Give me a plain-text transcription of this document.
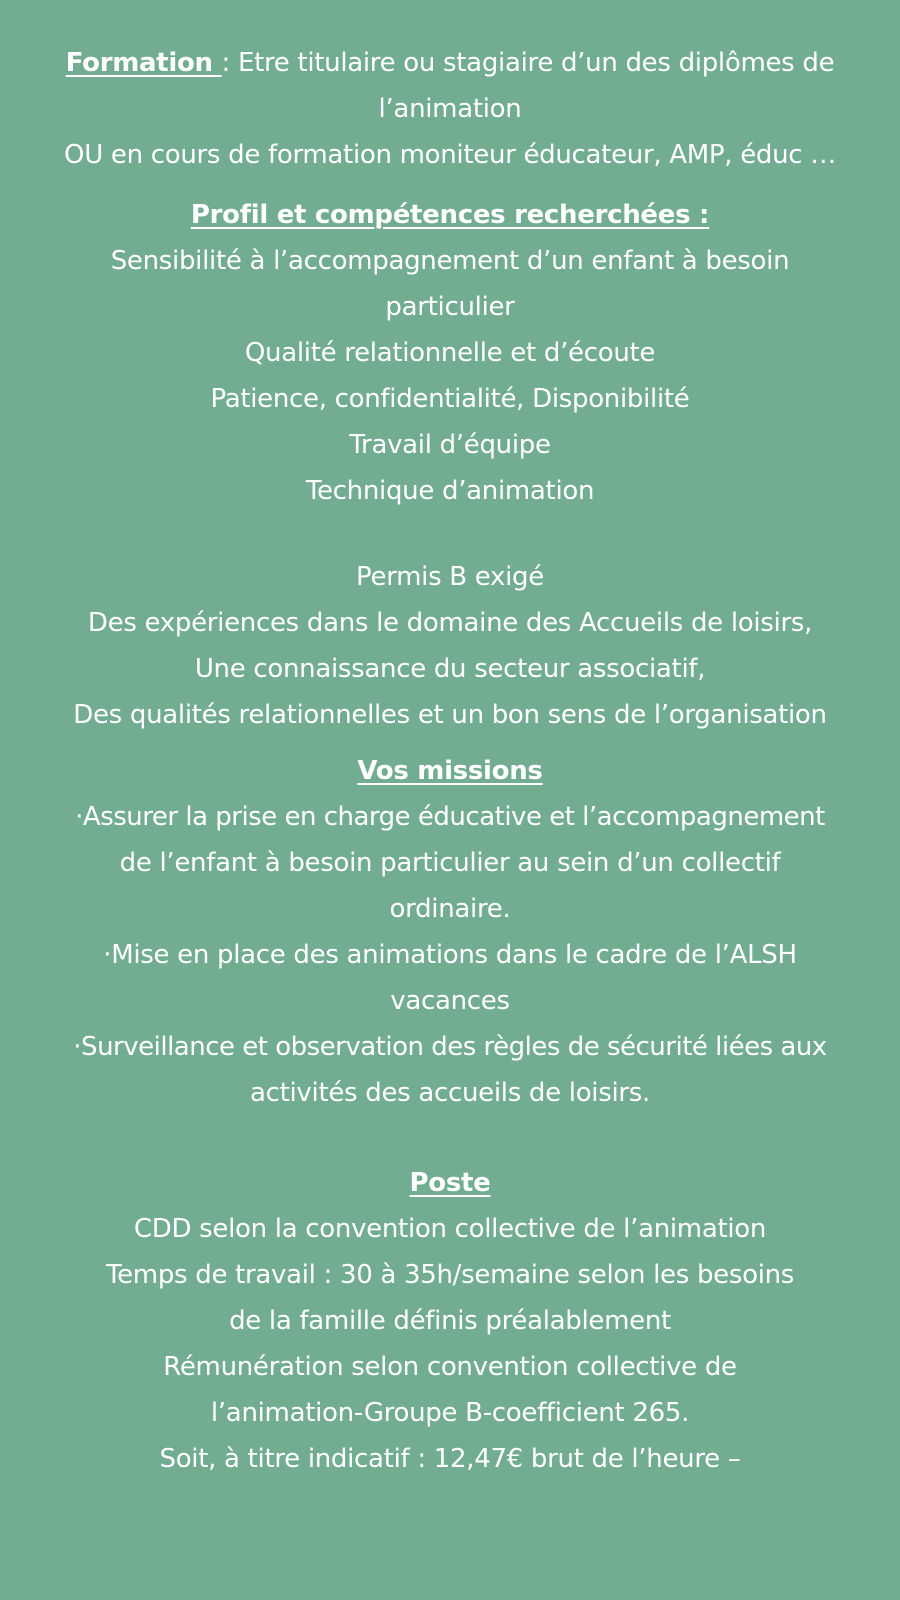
Formation : Etre titulaire ou stagiaire d’un des diplômes de
l’animation
OU en cours de formation moniteur éducateur, AMP, éduc …
Profil et compétences recherchées :
Sensibilité à l’accompagnement d’un enfant à besoin
particulier
Qualité relationnelle et d’écoute
Patience, confidentialité, Disponibilité
Travail d’équipe
Technique d’animation
Permis B exigé
Des expériences dans le domaine des Accueils de loisirs,
Une connaissance du secteur associatif,
Des qualités relationnelles et un bon sens de l’organisation
Vos missions
·Assurer la prise en charge éducative et l’accompagnement
de l’enfant à besoin particulier au sein d’un collectif
ordinaire.
·Mise en place des animations dans le cadre de l’ALSH
vacances
·Surveillance et observation des règles de sécurité liées aux
activités des accueils de loisirs.
Poste
CDD selon la convention collective de l’animation
Temps de travail : 30 à 35h/semaine selon les besoins
de la famille définis préalablement
Rémunération selon convention collective de
l’animation-Groupe B-coefficient 265.
Soit, à titre indicatif : 12,47€ brut de l’heure –
